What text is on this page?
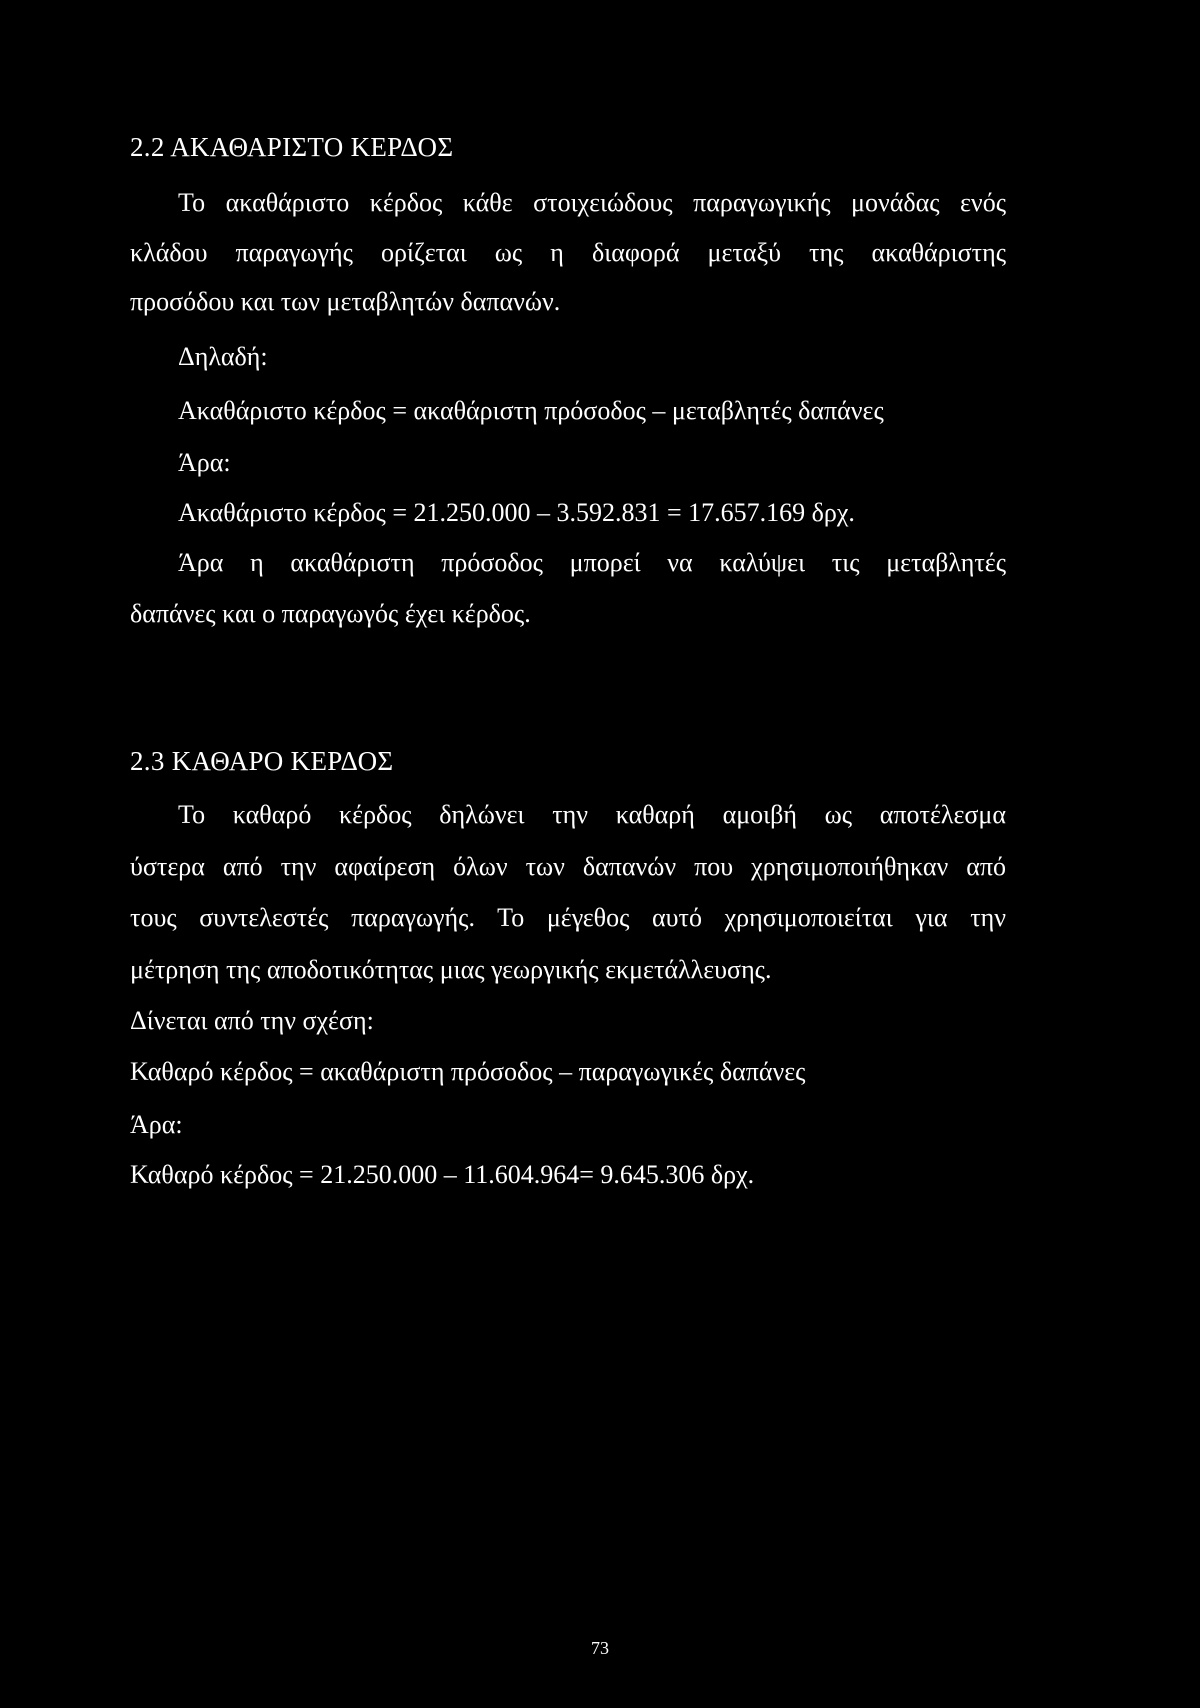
2.2 ΑΚΑΘΑΡΙΣΤΟ ΚΕΡΔΟΣ

Το ακαθάριστο κέρδος κάθε στοιχειώδους παραγωγικής μονάδας ενός

κλάδου παραγωγής ορίζεται ως η διαφορά μεταξύ της ακαθάριστης

προσόδου και των μεταβλητών δαπανών.

Δηλαδή:

Ακαθάριστο κέρδος = ακαθάριστη πρόσοδος – μεταβλητές δαπάνες

Άρα:

Ακαθάριστο κέρδος = 21.250.000 – 3.592.831 = 17.657.169 δρχ.

Άρα η ακαθάριστη πρόσοδος μπορεί να καλύψει τις μεταβλητές

δαπάνες και ο παραγωγός έχει κέρδος.

2.3 ΚΑΘΑΡΟ ΚΕΡΔΟΣ

Το καθαρό κέρδος δηλώνει την καθαρή αμοιβή ως αποτέλεσμα

ύστερα από την αφαίρεση όλων των δαπανών που χρησιμοποιήθηκαν από

τους συντελεστές παραγωγής. Το μέγεθος αυτό χρησιμοποιείται για την

μέτρηση της αποδοτικότητας μιας γεωργικής εκμετάλλευσης.

Δίνεται από την σχέση:

Καθαρό κέρδος = ακαθάριστη πρόσοδος – παραγωγικές δαπάνες

Άρα:

Καθαρό κέρδος = 21.250.000 – 11.604.964= 9.645.306 δρχ.

73
